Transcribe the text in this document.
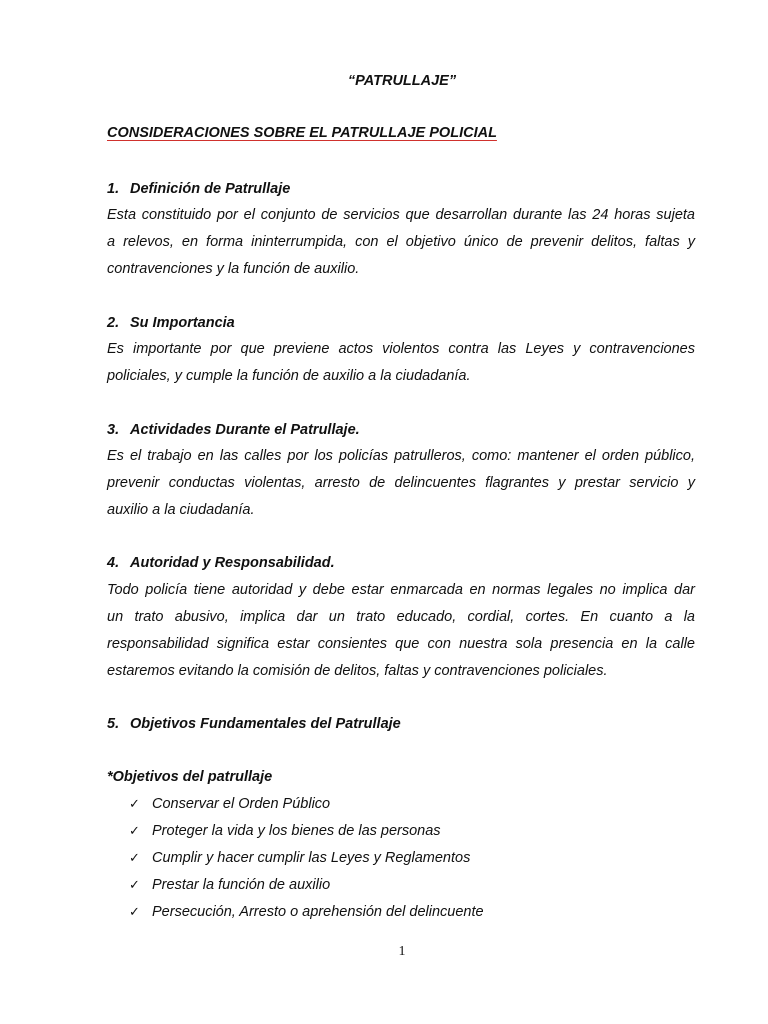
“PATRULLAJE”
CONSIDERACIONES SOBRE EL PATRULLAJE POLICIAL
1. Definición de Patrullaje

Esta constituido por el conjunto de servicios que desarrollan durante las 24 horas sujeta
a relevos, en forma ininterrumpida, con el objetivo único de prevenir delitos, faltas y
contravenciones y la función de auxilio.

2. Su Importancia

Es importante por que previene actos violentos contra las Leyes y contravenciones
policiales, y cumple la función de auxilio a la ciudadanía.

3. Actividades Durante el Patrullaje.

Es el trabajo en las calles por los policías patrulleros, como: mantener el orden público,
prevenir conductas violentas, arresto de delincuentes flagrantes y prestar servicio y
auxilio a la ciudadanía.

4. Autoridad y Responsabilidad.

Todo policía tiene autoridad y debe estar enmarcada en normas legales no implica dar
un trato abusivo, implica dar un trato educado, cordial, cortes. En cuanto a la
responsabilidad significa estar consientes que con nuestra sola presencia en la calle
estaremos evitando la comisión de delitos, faltas y contravenciones policiales.

5. Objetivos Fundamentales del Patrullaje
*Objetivos del patrullaje
✓ Conservar el Orden Público
✓ Proteger la vida y los bienes de las personas
✓ Cumplir y hacer cumplir las Leyes y Reglamentos
✓ Prestar la función de auxilio
✓ Persecución, Arresto o aprehensión del delincuente
1
